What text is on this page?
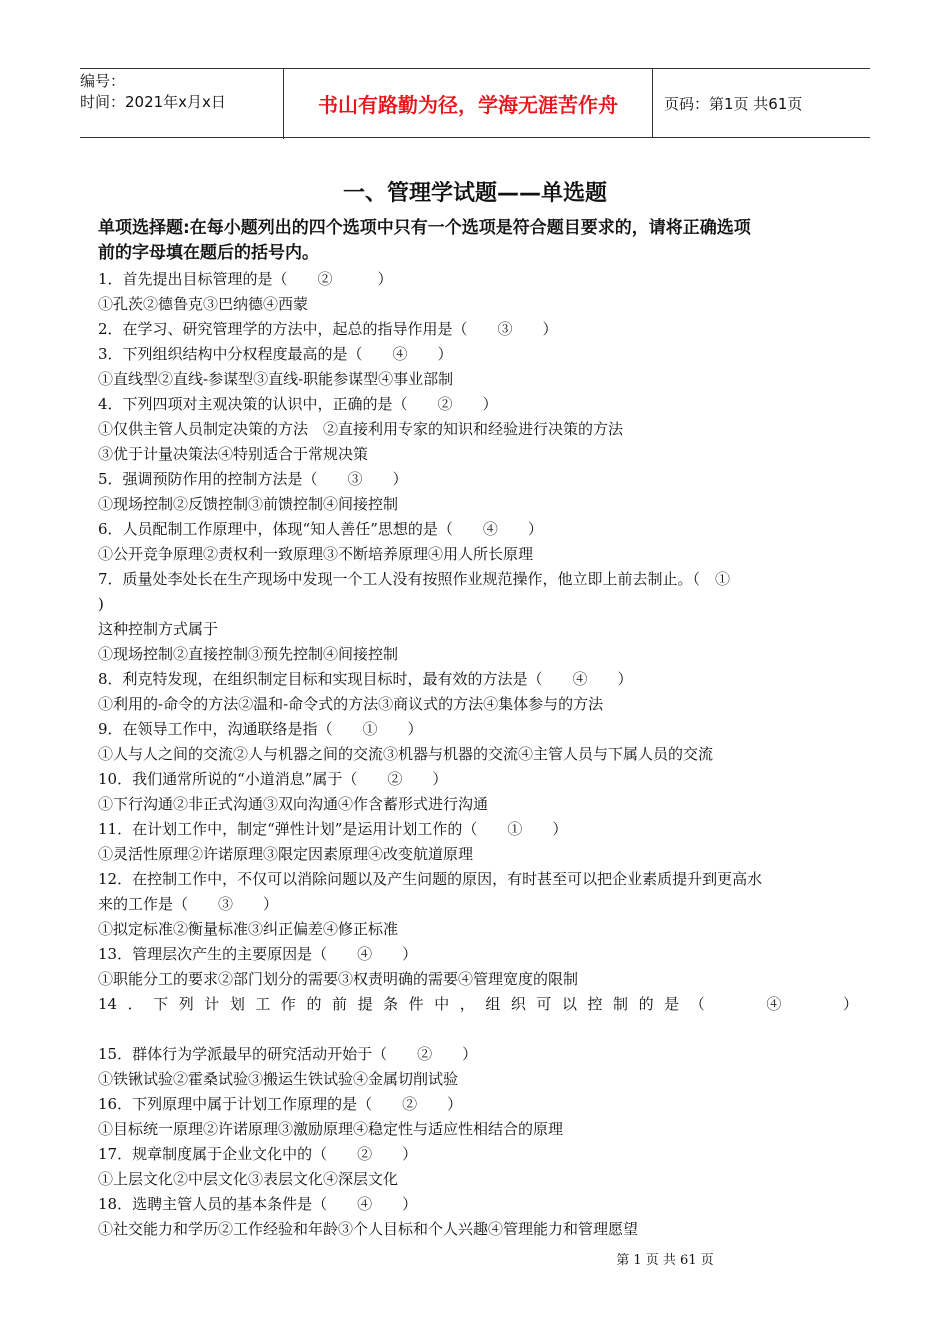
编号：
时间：2021年x月x日	书山有路勤为径，学海无涯苦作舟	页码：第1页 共61页
一、管理学试题——单选题
单项选择题:在每小题列出的四个选项中只有一个选项是符合题目要求的，请将正确选项
前的字母填在题后的括号内。
1．首先提出目标管理的是（　　②　　　）
①孔茨②德鲁克③巴纳德④西蒙
2．在学习、研究管理学的方法中，起总的指导作用是（　　③　　）
3．下列组织结构中分权程度最高的是（　　④　　）
①直线型②直线-参谋型③直线-职能参谋型④事业部制
4．下列四项对主观决策的认识中，正确的是（　　②　　）
①仅供主管人员制定决策的方法　②直接利用专家的知识和经验进行决策的方法
③优于计量决策法④特别适合于常规决策
5．强调预防作用的控制方法是（　　③　　）
①现场控制②反馈控制③前馈控制④间接控制
6．人员配制工作原理中，体现“知人善任”思想的是（　　④　　）
①公开竞争原理②责权利一致原理③不断培养原理④用人所长原理
7．质量处李处长在生产现场中发现一个工人没有按照作业规范操作，他立即上前去制止。（　①
)
这种控制方式属于
①现场控制②直接控制③预先控制④间接控制
8．利克特发现，在组织制定目标和实现目标时，最有效的方法是（　　④　　）
①利用的-命令的方法②温和-命令式的方法③商议式的方法④集体参与的方法
9．在领导工作中，沟通联络是指（　　①　　）
①人与人之间的交流②人与机器之间的交流③机器与机器的交流④主管人员与下属人员的交流
10．我们通常所说的“小道消息”属于（　　②　　）
①下行沟通②非正式沟通③双向沟通④作含蓄形式进行沟通
11．在计划工作中，制定“弹性计划”是运用计划工作的（　　①　　）
①灵活性原理②许诺原理③限定因素原理④改变航道原理
12．在控制工作中，不仅可以消除问题以及产生问题的原因，有时甚至可以把企业素质提升到更高水
来的工作是（　　③　　）
①拟定标准②衡量标准③纠正偏差④修正标准
13．管理层次产生的主要原因是（　　④　　）
①职能分工的要求②部门划分的需要③权责明确的需要④管理宽度的限制
14．下列计划工作的前提条件中，组织可以控制的是（　　④　　）
15．群体行为学派最早的研究活动开始于（　　②　　）
①铁锹试验②霍桑试验③搬运生铁试验④金属切削试验
16．下列原理中属于计划工作原理的是（　　②　　）
①目标统一原理②许诺原理③激励原理④稳定性与适应性相结合的原理
17．规章制度属于企业文化中的（　　②　　）
①上层文化②中层文化③表层文化④深层文化
18．选聘主管人员的基本条件是（　　④　　）
①社交能力和学历②工作经验和年龄③个人目标和个人兴趣④管理能力和管理愿望
第 1 页 共 61 页
